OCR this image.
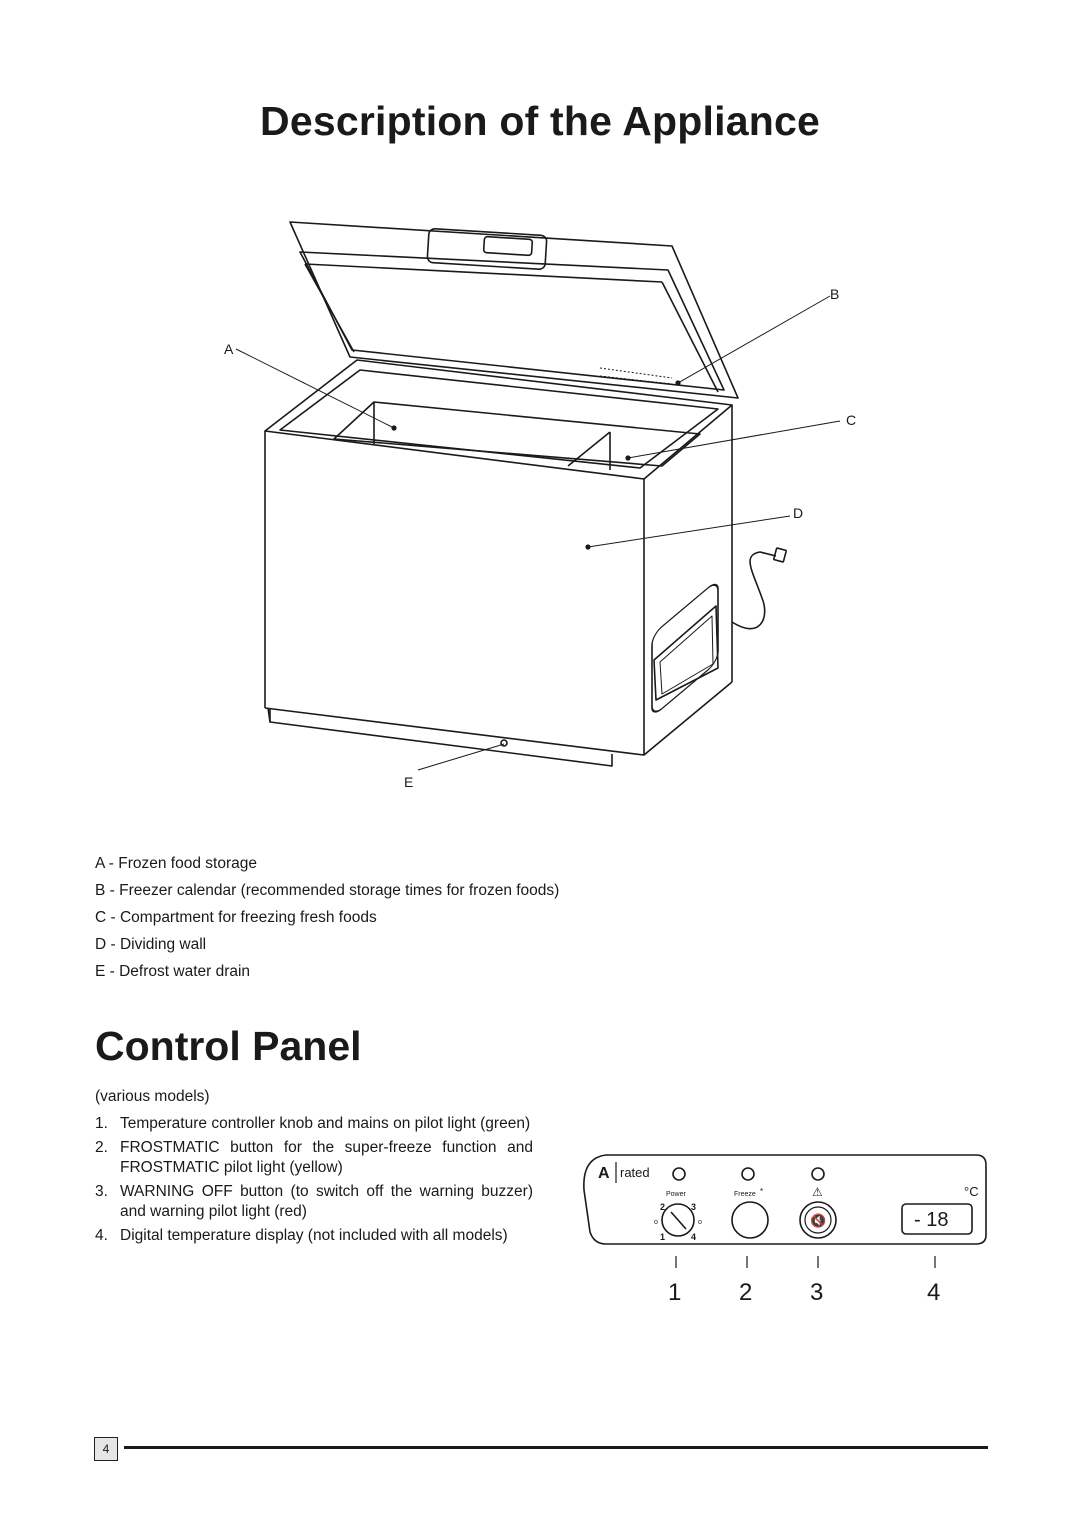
Description of the Appliance
A
B
C
D
E
A - Frozen food storage
B - Freezer calendar (recommended storage times for frozen foods)
C - Compartment for freezing fresh foods
D - Dividing wall
E - Defrost water drain
Control Panel
(various models)
1. Temperature controller knob and mains on pilot light (green)
2. FROSTMATIC button for the super-freeze function and FROSTMATIC pilot light (yellow)
3. WARNING OFF button (to switch off the warning buzzer) and warning pilot light (red)
4. Digital temperature display (not included with all models)
A rated
Power	Freeze *	⚠	°C
- 18
2	3
1	4
o	o	🔇
1 2 3	4
4
